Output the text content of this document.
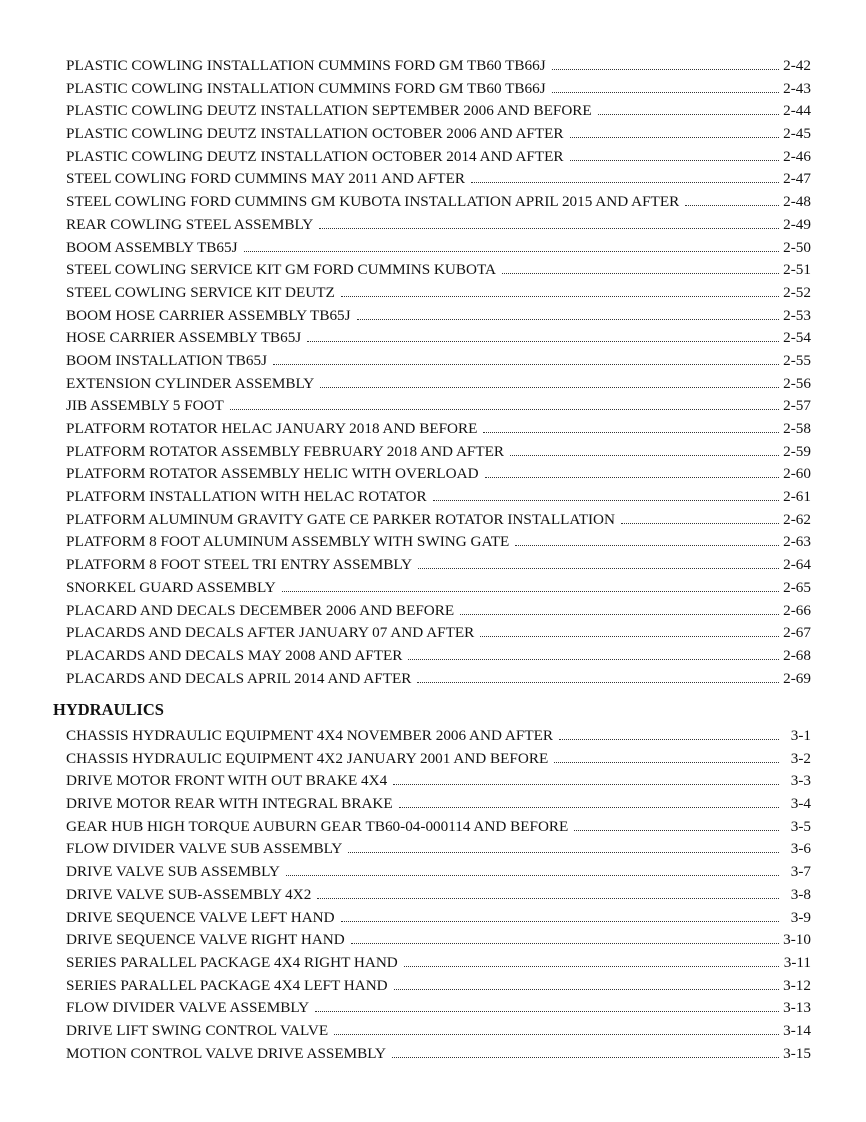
PLASTIC COWLING INSTALLATION CUMMINS FORD GM TB60 TB66J	2-42
PLASTIC COWLING INSTALLATION CUMMINS FORD GM TB60 TB66J	2-43
PLASTIC COWLING DEUTZ INSTALLATION SEPTEMBER 2006 AND BEFORE	2-44
PLASTIC COWLING DEUTZ INSTALLATION OCTOBER 2006 AND AFTER	2-45
PLASTIC COWLING DEUTZ INSTALLATION OCTOBER 2014 AND AFTER	2-46
STEEL COWLING FORD CUMMINS MAY 2011 AND AFTER	2-47
STEEL COWLING FORD CUMMINS GM KUBOTA INSTALLATION APRIL 2015 AND AFTER	2-48
REAR COWLING STEEL ASSEMBLY	2-49
BOOM ASSEMBLY TB65J	2-50
STEEL COWLING SERVICE KIT GM FORD CUMMINS KUBOTA	2-51
STEEL COWLING SERVICE KIT DEUTZ	2-52
BOOM HOSE CARRIER ASSEMBLY TB65J	2-53
HOSE CARRIER ASSEMBLY TB65J	2-54
BOOM INSTALLATION TB65J	2-55
EXTENSION CYLINDER ASSEMBLY	2-56
JIB ASSEMBLY 5 FOOT	2-57
PLATFORM ROTATOR HELAC JANUARY 2018 AND BEFORE	2-58
PLATFORM ROTATOR ASSEMBLY FEBRUARY 2018 AND AFTER	2-59
PLATFORM ROTATOR ASSEMBLY HELIC WITH OVERLOAD	2-60
PLATFORM INSTALLATION WITH HELAC ROTATOR	2-61
PLATFORM ALUMINUM GRAVITY GATE CE PARKER ROTATOR INSTALLATION	2-62
PLATFORM 8 FOOT ALUMINUM ASSEMBLY WITH SWING GATE	2-63
PLATFORM 8 FOOT STEEL TRI ENTRY ASSEMBLY	2-64
SNORKEL GUARD ASSEMBLY	2-65
PLACARD AND DECALS DECEMBER 2006 AND BEFORE	2-66
PLACARDS AND DECALS AFTER JANUARY 07 AND AFTER	2-67
PLACARDS AND DECALS MAY 2008 AND AFTER	2-68
PLACARDS AND DECALS APRIL 2014 AND AFTER	2-69
HYDRAULICS
CHASSIS HYDRAULIC EQUIPMENT 4X4 NOVEMBER 2006 AND AFTER	3-1
CHASSIS HYDRAULIC EQUIPMENT 4X2 JANUARY 2001 AND BEFORE	3-2
DRIVE MOTOR FRONT WITH OUT BRAKE 4X4	3-3
DRIVE MOTOR REAR WITH INTEGRAL BRAKE	3-4
GEAR HUB HIGH TORQUE AUBURN GEAR TB60-04-000114 AND BEFORE	3-5
FLOW DIVIDER VALVE SUB ASSEMBLY	3-6
DRIVE VALVE SUB ASSEMBLY	3-7
DRIVE VALVE SUB-ASSEMBLY 4X2	3-8
DRIVE SEQUENCE VALVE LEFT HAND	3-9
DRIVE SEQUENCE VALVE RIGHT HAND	3-10
SERIES PARALLEL PACKAGE 4X4 RIGHT HAND	3-11
SERIES PARALLEL PACKAGE 4X4 LEFT HAND	3-12
FLOW DIVIDER VALVE ASSEMBLY	3-13
DRIVE LIFT SWING CONTROL VALVE	3-14
MOTION CONTROL VALVE DRIVE ASSEMBLY	3-15
